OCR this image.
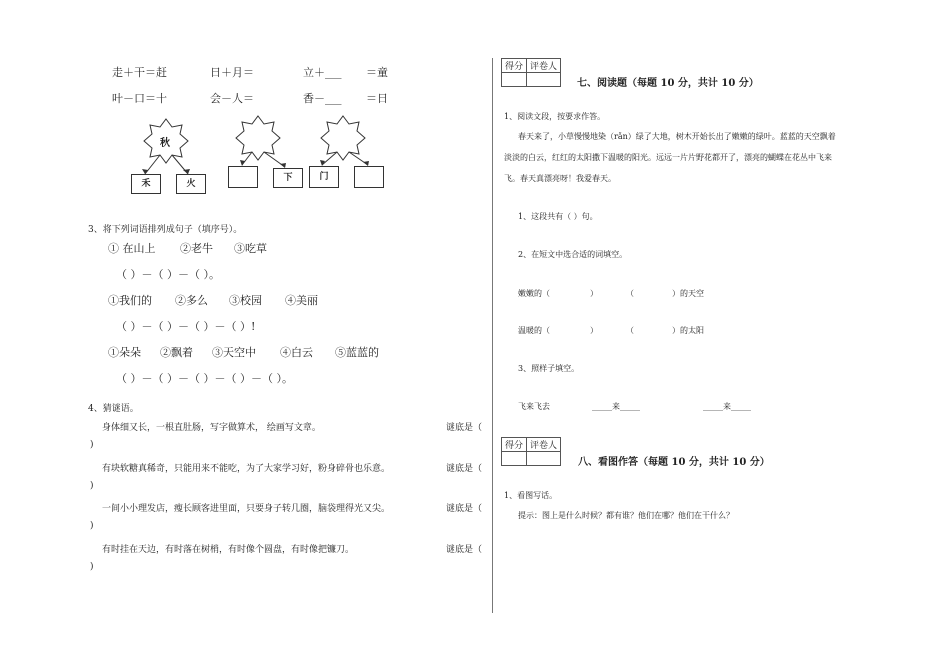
走＋干＝赶	日＋月＝	立＋___ ＝童
叶－口＝十	会－人＝	香－___ ＝日
秋
禾	火
下	门
3、将下列词语排列成句子（填序号）。
① 在山上 ②老牛 ③吃草
（ ）－（ ）－（ ）。
①我们的 ②多么 ③校园 ④美丽
（ ）－（ ）－（ ）－（ ）!
①朵朵 ②飘着 ③天空中 ④白云 ⑤蓝蓝的
（ ）－（ ）－（ ）－（ ）－（ ）。
4、猜谜语。
身体细又长，一根直肚肠，写字做算术， 绘画写文章。	谜底是（
)
有块软糖真稀奇，只能用来不能吃，为了大家学习好，粉身碎骨也乐意。	谜底是（
)
一间小小理发店，瘦长顾客进里面，只要身子转几圈，脑袋理得光又尖。	谜底是（
)
有时挂在天边，有时落在树梢，有时像个圆盘，有时像把镰刀。	谜底是（
)
得分	评卷人

七、阅读题（每题 10 分，共计 10 分）
1、阅读文段，按要求作答。
春天来了，小草慢慢地染（rǎn）绿了大地，树木开始长出了嫩嫩的绿叶。蓝蓝的天空飘着
淡淡的白云，红红的太阳撒下温暖的阳光。远远一片片野花都开了，漂亮的蝴蝶在花丛中飞来
飞。春天真漂亮呀！我爱春天。
1、这段共有（ ）句。
2、在短文中选合适的词填空。
嫩嫩的（	）	（	）的天空
温暖的（	）	（	）的太阳
3、照样子填空。
飞来飞去	_____来_____	_____来_____
得分	评卷人

八、看图作答（每题 10 分，共计 10 分）
1、看图写话。
提示：图上是什么时候？都有谁？他们在哪？他们在干什么？
